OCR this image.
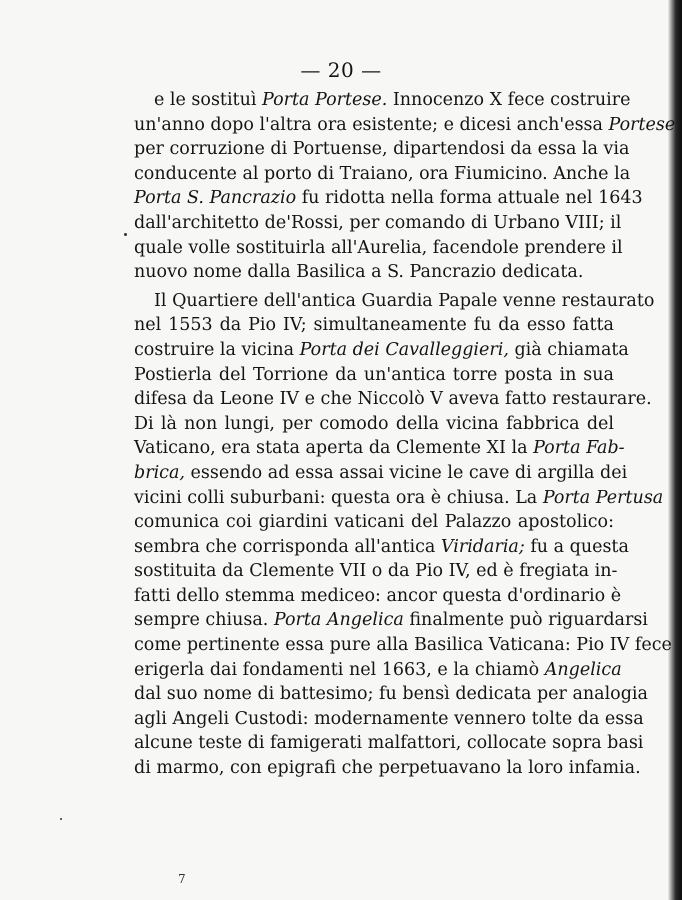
— 20 —
e le sostituì Porta Portese. Innocenzo X fece costruire
un'anno dopo l'altra ora esistente; e dicesi anch'essa Portese
per corruzione di Portuense, dipartendosi da essa la via
conducente al porto di Traiano, ora Fiumicino. Anche la
Porta S. Pancrazio fu ridotta nella forma attuale nel 1643
dall'architetto de'Rossi, per comando di Urbano VIII; il
quale volle sostituirla all'Aurelia, facendole prendere il
nuovo nome dalla Basilica a S. Pancrazio dedicata.
Il Quartiere dell'antica Guardia Papale venne restaurato
nel 1553 da Pio IV; simultaneamente fu da esso fatta
costruire la vicina Porta dei Cavalleggieri, già chiamata
Postierla del Torrione da un'antica torre posta in sua
difesa da Leone IV e che Niccolò V aveva fatto restaurare.
Di là non lungi, per comodo della vicina fabbrica del
Vaticano, era stata aperta da Clemente XI la Porta Fab-
brica, essendo ad essa assai vicine le cave di argilla dei
vicini colli suburbani: questa ora è chiusa. La Porta Pertusa
comunica coi giardini vaticani del Palazzo apostolico:
sembra che corrisponda all'antica Viridaria; fu a questa
sostituita da Clemente VII o da Pio IV, ed è fregiata in-
fatti dello stemma mediceo: ancor questa d'ordinario è
sempre chiusa. Porta Angelica finalmente può riguardarsi
come pertinente essa pure alla Basilica Vaticana: Pio IV fece
erigerla dai fondamenti nel 1663, e la chiamò Angelica
dal suo nome di battesimo; fu bensì dedicata per analogia
agli Angeli Custodi: modernamente vennero tolte da essa
alcune teste di famigerati malfattori, collocate sopra basi
di marmo, con epigrafi che perpetuavano la loro infamia.
7
